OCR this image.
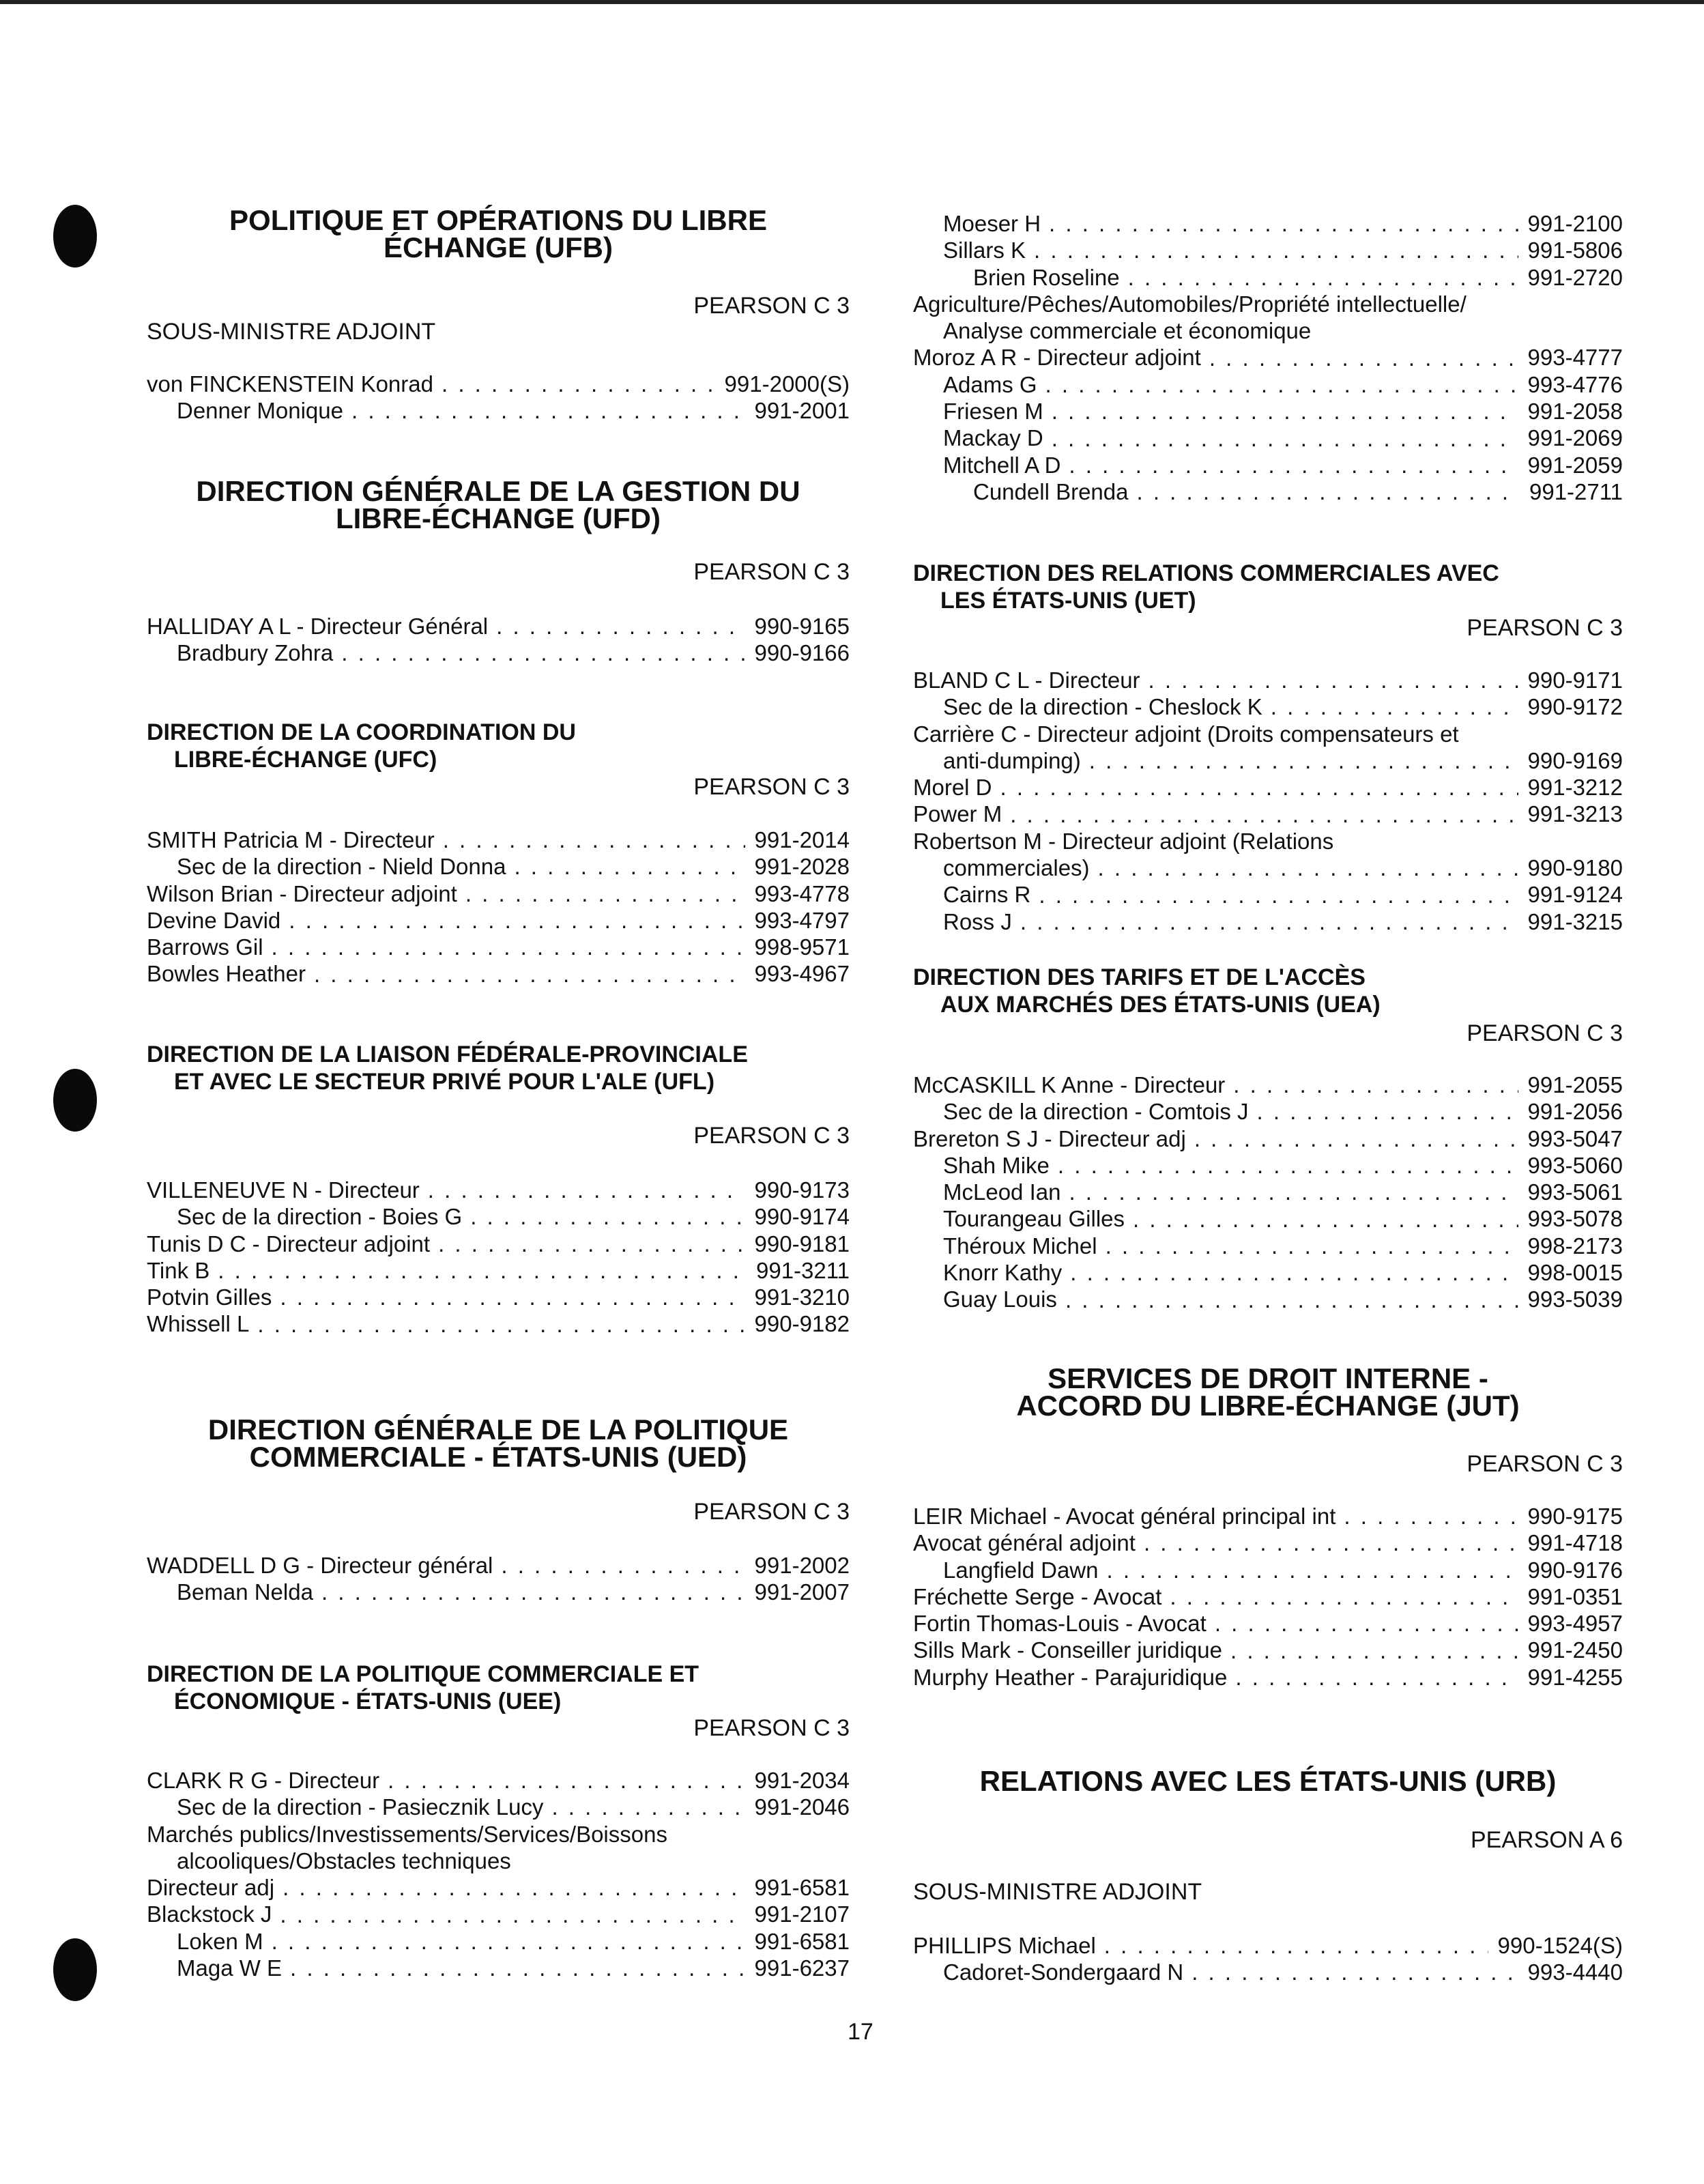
POLITIQUE ET OPÉRATIONS DU LIBRE
ÉCHANGE (UFB)
PEARSON C 3
SOUS-MINISTRE ADJOINT
von FINCKENSTEIN Konrad . . .	991-2000(S)
Denner Monique . . .	991-2001
DIRECTION GÉNÉRALE DE LA GESTION DU
LIBRE-ÉCHANGE (UFD)
PEARSON C 3
HALLIDAY A L - Directeur Général . . .	990-9165
Bradbury Zohra . . .	990-9166
DIRECTION DE LA COORDINATION DU
LIBRE-ÉCHANGE (UFC)
PEARSON C 3
SMITH Patricia M - Directeur . . .	991-2014
Sec de la direction - Nield Donna . . .	991-2028
Wilson Brian - Directeur adjoint . . .	993-4778
Devine David . . .	993-4797
Barrows Gil . . .	998-9571
Bowles Heather . . .	993-4967
DIRECTION DE LA LIAISON FÉDÉRALE-PROVINCIALE
ET AVEC LE SECTEUR PRIVÉ POUR L'ALE (UFL)
PEARSON C 3
VILLENEUVE N - Directeur . . .	990-9173
Sec de la direction - Boies G . . .	990-9174
Tunis D C - Directeur adjoint . . .	990-9181
Tink B . . .	991-3211
Potvin Gilles . . .	991-3210
Whissell L . . .	990-9182
DIRECTION GÉNÉRALE DE LA POLITIQUE
COMMERCIALE - ÉTATS-UNIS (UED)
PEARSON C 3
WADDELL D G - Directeur général . . .	991-2002
Beman Nelda . . .	991-2007
DIRECTION DE LA POLITIQUE COMMERCIALE ET
ÉCONOMIQUE - ÉTATS-UNIS (UEE)
PEARSON C 3
CLARK R G - Directeur . . .	991-2034
Sec de la direction - Pasiecznik Lucy . . .	991-2046
Marchés publics/Investissements/Services/Boissons
alcooliques/Obstacles techniques
Directeur adj . . .	991-6581
Blackstock J . . .	991-2107
Loken M . . .	991-6581
Maga W E . . .	991-6237
Moeser H . . .	991-2100
Sillars K . . .	991-5806
Brien Roseline . . .	991-2720
Agriculture/Pêches/Automobiles/Propriété intellectuelle/
Analyse commerciale et économique
Moroz A R - Directeur adjoint . . .	993-4777
Adams G . . .	993-4776
Friesen M . . .	991-2058
Mackay D . . .	991-2069
Mitchell A D . . .	991-2059
Cundell Brenda . . .	991-2711
DIRECTION DES RELATIONS COMMERCIALES AVEC
LES ÉTATS-UNIS (UET)
PEARSON C 3
BLAND C L - Directeur . . .	990-9171
Sec de la direction - Cheslock K . . .	990-9172
Carrière C - Directeur adjoint (Droits compensateurs et
anti-dumping) . . .	990-9169
Morel D . . .	991-3212
Power M . . .	991-3213
Robertson M - Directeur adjoint (Relations
commerciales) . . .	990-9180
Cairns R . . .	991-9124
Ross J . . .	991-3215
DIRECTION DES TARIFS ET DE L'ACCÈS
AUX MARCHÉS DES ÉTATS-UNIS (UEA)
PEARSON C 3
McCASKILL K Anne - Directeur . . .	991-2055
Sec de la direction - Comtois J . . .	991-2056
Brereton S J - Directeur adj . . .	993-5047
Shah Mike . . .	993-5060
McLeod Ian . . .	993-5061
Tourangeau Gilles . . .	993-5078
Théroux Michel . . .	998-2173
Knorr Kathy . . .	998-0015
Guay Louis . . .	993-5039
SERVICES DE DROIT INTERNE -
ACCORD DU LIBRE-ÉCHANGE (JUT)
PEARSON C 3
LEIR Michael - Avocat général principal int . . .	990-9175
Avocat général adjoint . . .	991-4718
Langfield Dawn . . .	990-9176
Fréchette Serge - Avocat . . .	991-0351
Fortin Thomas-Louis - Avocat . . .	993-4957
Sills Mark - Conseiller juridique . . .	991-2450
Murphy Heather - Parajuridique . . .	991-4255
RELATIONS AVEC LES ÉTATS-UNIS (URB)
PEARSON A 6
SOUS-MINISTRE ADJOINT
PHILLIPS Michael . . .	990-1524(S)
Cadoret-Sondergaard N . . .	993-4440
17
